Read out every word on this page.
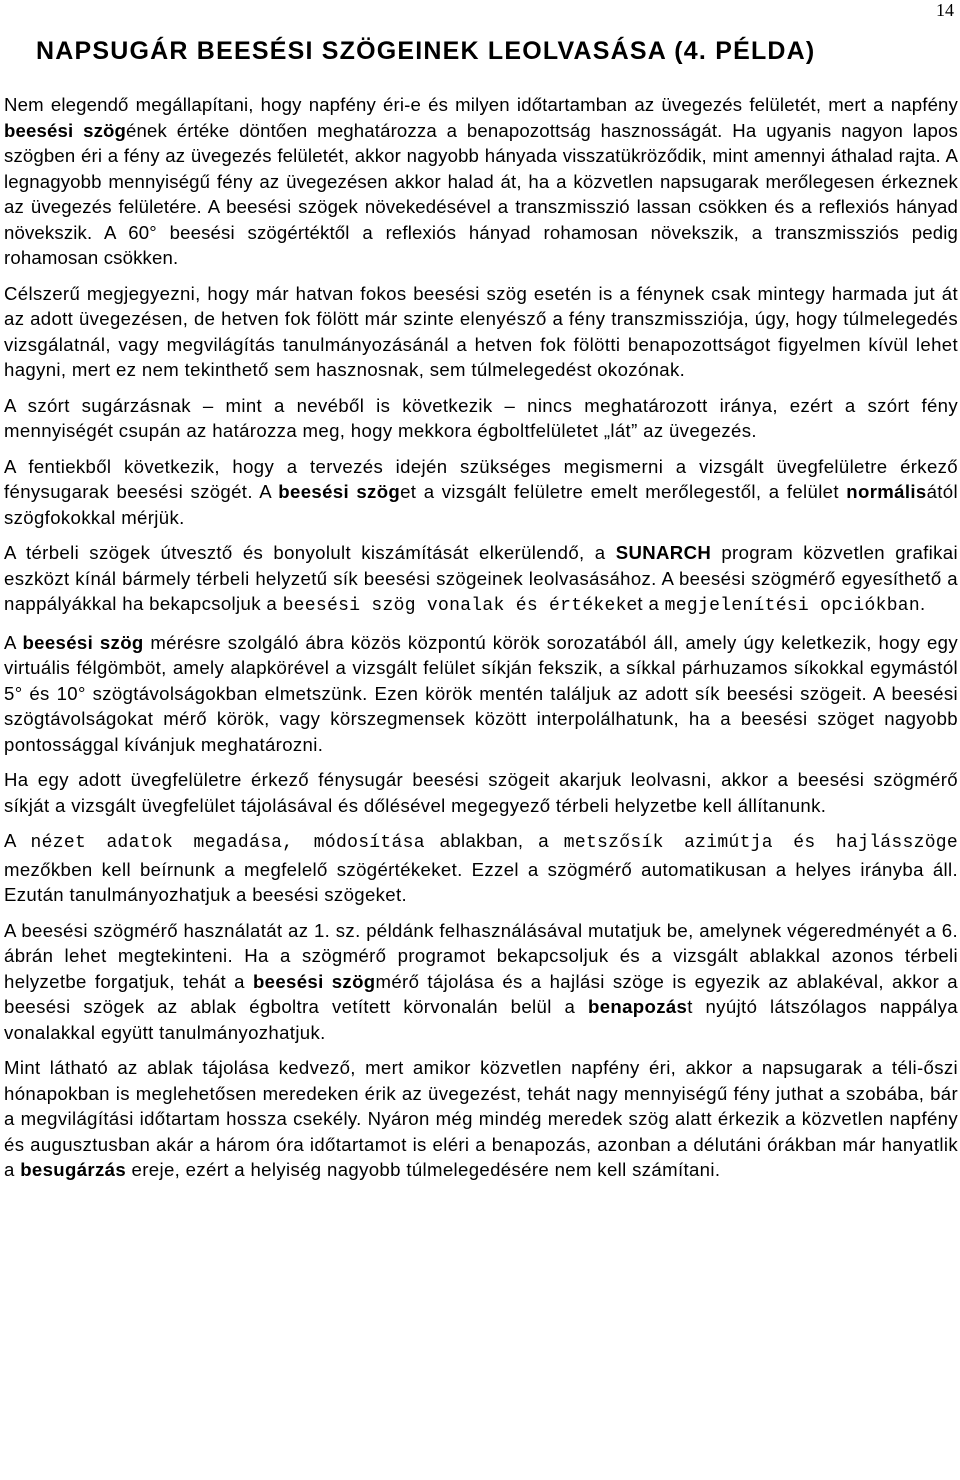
14
NAPSUGÁR BEESÉSI SZÖGEINEK LEOLVASÁSA (4. PÉLDA)

Nem elegendő megállapítani, hogy napfény éri-e és milyen időtartamban az üvegezés felületét, mert a napfény beesési szögének értéke döntően meghatározza a benapozottság hasznosságát. Ha ugyanis nagyon lapos szögben éri a fény az üvegezés felületét, akkor nagyobb hányada visszatükröződik, mint amennyi áthalad rajta. A legnagyobb mennyiségű fény az üvegezésen akkor halad át, ha a közvetlen napsugarak merőlegesen érkeznek az üvegezés felületére. A beesési szögek növekedésével a transzmisszió lassan csökken és a reflexiós hányad növekszik. A 60° beesési szögértéktől a reflexiós hányad rohamosan növekszik, a transzmissziós pedig rohamosan csökken.

Célszerű megjegyezni, hogy már hatvan fokos beesési szög esetén is a fénynek csak mintegy harmada jut át az adott üvegezésen, de hetven fok fölött már szinte elenyésző a fény transzmissziója, úgy, hogy túlmelegedés vizsgálatnál, vagy megvilágítás tanulmányozásánál a hetven fok fölötti benapozottságot figyelmen kívül lehet hagyni, mert ez nem tekinthető sem hasznosnak, sem túlmelegedést okozónak.

A szórt sugárzásnak – mint a nevéből is következik – nincs meghatározott iránya, ezért a szórt fény mennyiségét csupán az határozza meg, hogy mekkora égboltfelületet „lát” az üvegezés.

A fentiekből következik, hogy a tervezés idején szükséges megismerni a vizsgált üvegfelületre érkező fénysugarak beesési szögét. A beesési szöget a vizsgált felületre emelt merőlegestől, a felület normálisától szögfokokkal mérjük.

A térbeli szögek útvesztő és bonyolult kiszámítását elkerülendő, a SUNARCH program közvetlen grafikai eszközt kínál bármely térbeli helyzetű sík beesési szögeinek leolvasásához. A beesési szögmérő egyesíthető a nappályákkal ha bekapcsoljuk a beesési szög vonalak és értékeket a megjelenítési opciókban.

A beesési szög mérésre szolgáló ábra közös központú körök sorozatából áll, amely úgy keletkezik, hogy egy virtuális félgömböt, amely alapkörével a vizsgált felület síkján fekszik, a síkkal párhuzamos síkokkal egymástól 5° és 10° szögtávolságokban elmetszünk. Ezen körök mentén találjuk az adott sík beesési szögeit. A beesési szögtávolságokat mérő körök, vagy körszegmensek között interpolálhatunk, ha a beesési szöget nagyobb pontossággal kívánjuk meghatározni.

Ha egy adott üvegfelületre érkező fénysugár beesési szögeit akarjuk leolvasni, akkor a beesési szögmérő síkját a vizsgált üvegfelület tájolásával és dőlésével megegyező térbeli helyzetbe kell állítanunk.

A nézet adatok megadása, módosítása ablakban, a metszősík azimútja és hajlásszöge mezőkben kell beírnunk a megfelelő szögértékeket. Ezzel a szögmérő automatikusan a helyes irányba áll. Ezután tanulmányozhatjuk a beesési szögeket.

A beesési szögmérő használatát az 1. sz. példánk felhasználásával mutatjuk be, amelynek végeredményét a 6. ábrán lehet megtekinteni. Ha a szögmérő programot bekapcsoljuk és a vizsgált ablakkal azonos térbeli helyzetbe forgatjuk, tehát a beesési szögmérő tájolása és a hajlási szöge is egyezik az ablakéval, akkor a beesési szögek az ablak égboltra vetített körvonalán belül a benapozást nyújtó látszólagos nappálya vonalakkal együtt tanulmányozhatjuk.

Mint látható az ablak tájolása kedvező, mert amikor közvetlen napfény éri, akkor a napsugarak a téli-őszi hónapokban is meglehetősen meredeken érik az üvegezést, tehát nagy mennyiségű fény juthat a szobába, bár a megvilágítási időtartam hossza csekély. Nyáron még mindég meredek szög alatt érkezik a közvetlen napfény és augusztusban akár a három óra időtartamot is eléri a benapozás, azonban a délutáni órákban már hanyatlik a besugárzás ereje, ezért a helyiség nagyobb túlmelegedésére nem kell számítani.
